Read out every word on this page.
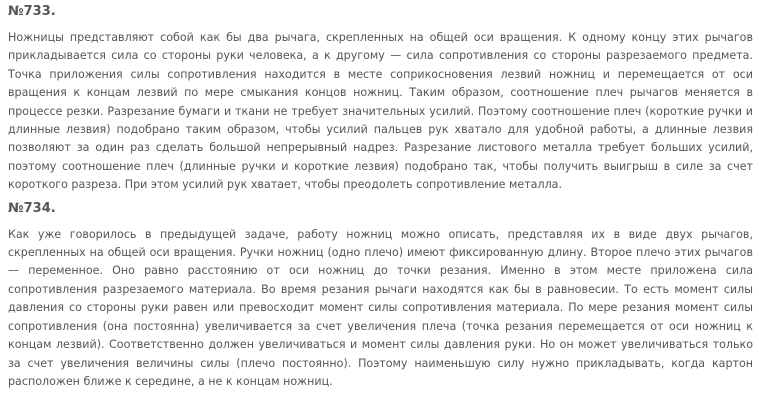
№733.

Ножницы представляют собой как бы два рычага, скрепленных на общей оси вращения. К одному концу этих рычагов прикладывается сила со стороны руки человека, а к другому — сила сопротивления со стороны разрезаемого предмета. Точка приложения силы сопротивления находится в месте соприкосновения лезвий ножниц и перемещается от оси вращения к концам лезвий по мере смыкания концов ножниц. Таким образом, соотношение плеч рычагов меняется в процессе резки. Разрезание бумаги и ткани не требует значительных усилий. Поэтому соотношение плеч (короткие ручки и длинные лезвия) подобрано таким образом, чтобы усилий пальцев рук хватало для удобной работы, а длинные лезвия позволяют за один раз сделать большой непрерывный надрез. Разрезание листового металла требует больших усилий, поэтому соотношение плеч (длинные ручки и короткие лезвия) подобрано так, чтобы получить выигрыш в силе за счет короткого разреза. При этом усилий рук хватает, чтобы преодолеть сопротивление металла.

№734.

Как уже говорилось в предыдущей задаче, работу ножниц можно описать, представляя их в виде двух рычагов, скрепленных на общей оси вращения. Ручки ножниц (одно плечо) имеют фиксированную длину. Второе плечо этих рычагов — переменное. Оно равно расстоянию от оси ножниц до точки резания. Именно в этом месте приложена сила сопротивления разрезаемого материала. Во время резания рычаги находятся как бы в равновесии. То есть момент силы давления со стороны руки равен или превосходит момент силы сопротивления материала. По мере резания момент силы сопротивления (она постоянна) увеличивается за счет увеличения плеча (точка резания перемещается от оси ножниц к концам лезвий). Соответственно должен увеличиваться и момент силы давления руки. Но он может увеличиваться только за счет увеличения величины силы (плечо постоянно). Поэтому наименьшую силу нужно прикладывать, когда картон расположен ближе к середине, а не к концам ножниц.
